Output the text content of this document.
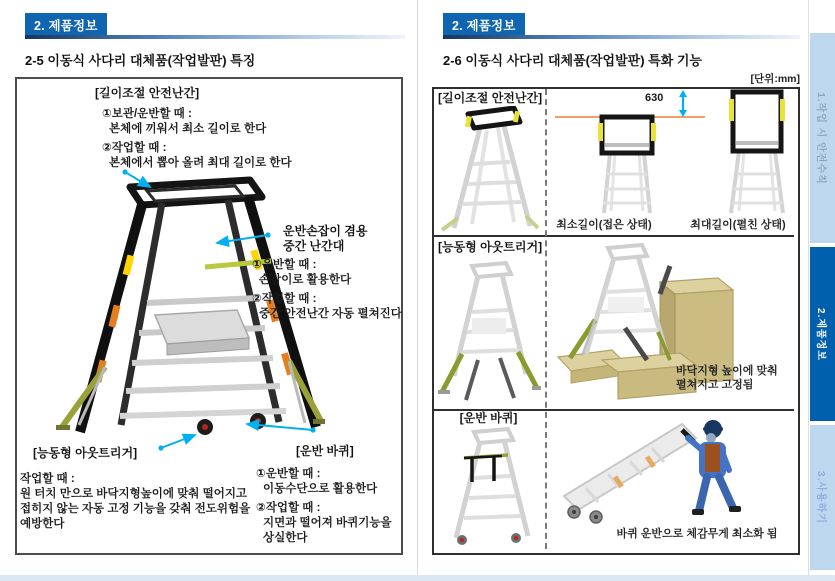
2. 제품정보
2-5 이동식 사다리 대체품(작업발판) 특징
[길이조절 안전난간]
①보관/운반할 때 :
본체에 끼워서 최소 길이로 한다
②작업할 때 :
본체에서 뽑아 올려 최대 길이로 한다
운반손잡이 겸용
중간 난간대
①운반할 때 :
손잡이로 활용한다
②작업할 때 :
중간 안전난간 자동 펼쳐진다
[능동형 아웃트리거]
작업할 때 :
원 터치 만으로 바닥지형높이에 맞춰 떨어지고
접히지 않는 자동 고정 기능을 갖춰 전도위험을
예방한다
[운반 바퀴]
①운반할 때 :
이동수단으로 활용한다
②작업할 때 :
지면과 떨어져 바퀴기능을
상실한다
2. 제품정보
2-6 이동식 사다리 대체품(작업발판) 특화 기능
[단위:mm]
[길이조절 안전난간]	630
최소길이(접은 상태)	최대길이(펼친 상태)
[능동형 아웃트리거]
바닥지형 높이에 맞춰
펼쳐지고 고정됨
[운반 바퀴]
바퀴 운반으로 체감무게 최소화 됨
1.작업 시 안전수칙
2.제품정보
3.사용하기
